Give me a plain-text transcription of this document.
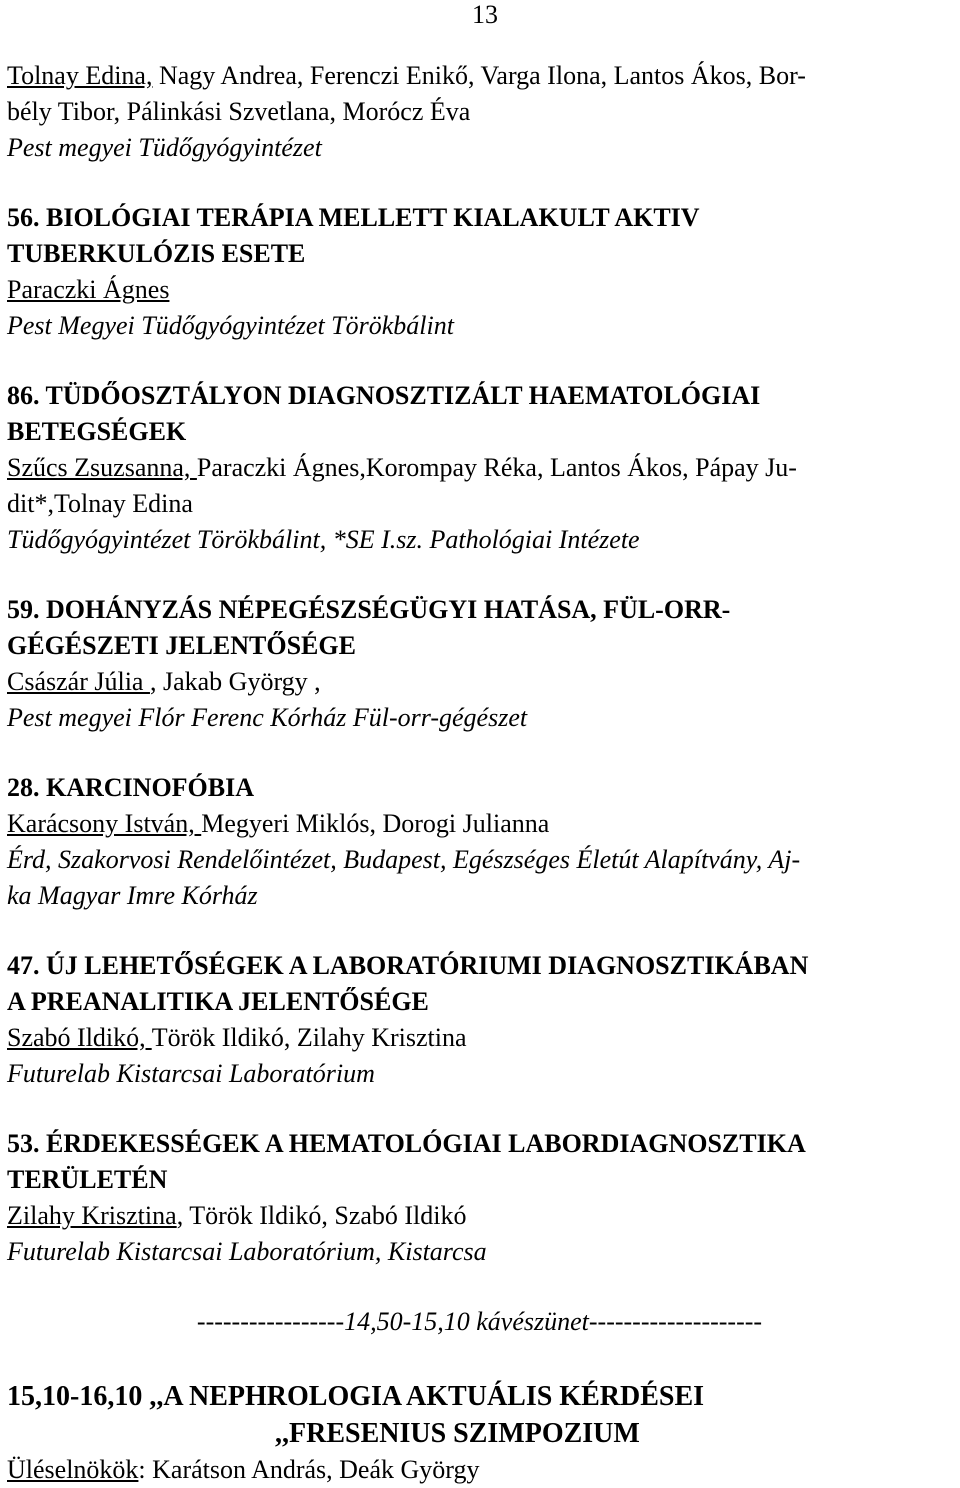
13
Tolnay Edina, Nagy Andrea, Ferenczi Enikő, Varga Ilona, Lantos Ákos, Bor-
bély Tibor, Pálinkási Szvetlana, Morócz Éva
Pest megyei Tüdőgyógyintézet
56. BIOLÓGIAI TERÁPIA MELLETT KIALAKULT AKTIV
TUBERKULÓZIS ESETE
Paraczki Ágnes
Pest Megyei Tüdőgyógyintézet Törökbálint
86. TÜDŐOSZTÁLYON DIAGNOSZTIZÁLT HAEMATOLÓGIAI
BETEGSÉGEK
Szűcs Zsuzsanna, Paraczki Ágnes,Korompay Réka, Lantos Ákos, Pápay Ju-
dit*,Tolnay Edina
Tüdőgyógyintézet Törökbálint, *SE I.sz. Pathológiai Intézete
59. DOHÁNYZÁS NÉPEGÉSZSÉGÜGYI HATÁSA, FÜL-ORR-
GÉGÉSZETI JELENTŐSÉGE
Császár Júlia , Jakab György ,
Pest megyei Flór Ferenc Kórház Fül-orr-gégészet
28. KARCINOFÓBIA
Karácsony István, Megyeri Miklós, Dorogi Julianna
Érd, Szakorvosi Rendelőintézet, Budapest, Egészséges Életút Alapítvány, Aj-
ka Magyar Imre Kórház
47. ÚJ LEHETŐSÉGEK A LABORATÓRIUMI DIAGNOSZTIKÁBAN
A PREANALITIKA JELENTŐSÉGE
Szabó Ildikó, Török Ildikó, Zilahy Krisztina
Futurelab Kistarcsai Laboratórium
53. ÉRDEKESSÉGEK A HEMATOLÓGIAI LABORDIAGNOSZTIKA
TERÜLETÉN
Zilahy Krisztina, Török Ildikó, Szabó Ildikó
Futurelab Kistarcsai Laboratórium, Kistarcsa
-----------------14,50-15,10 kávészünet--------------------
15,10-16,10 ,,A NEPHROLOGIA AKTUÁLIS KÉRDÉSEI
,,FRESENIUS SZIMPOZIUM
Üléselnökök: Karátson András, Deák György
